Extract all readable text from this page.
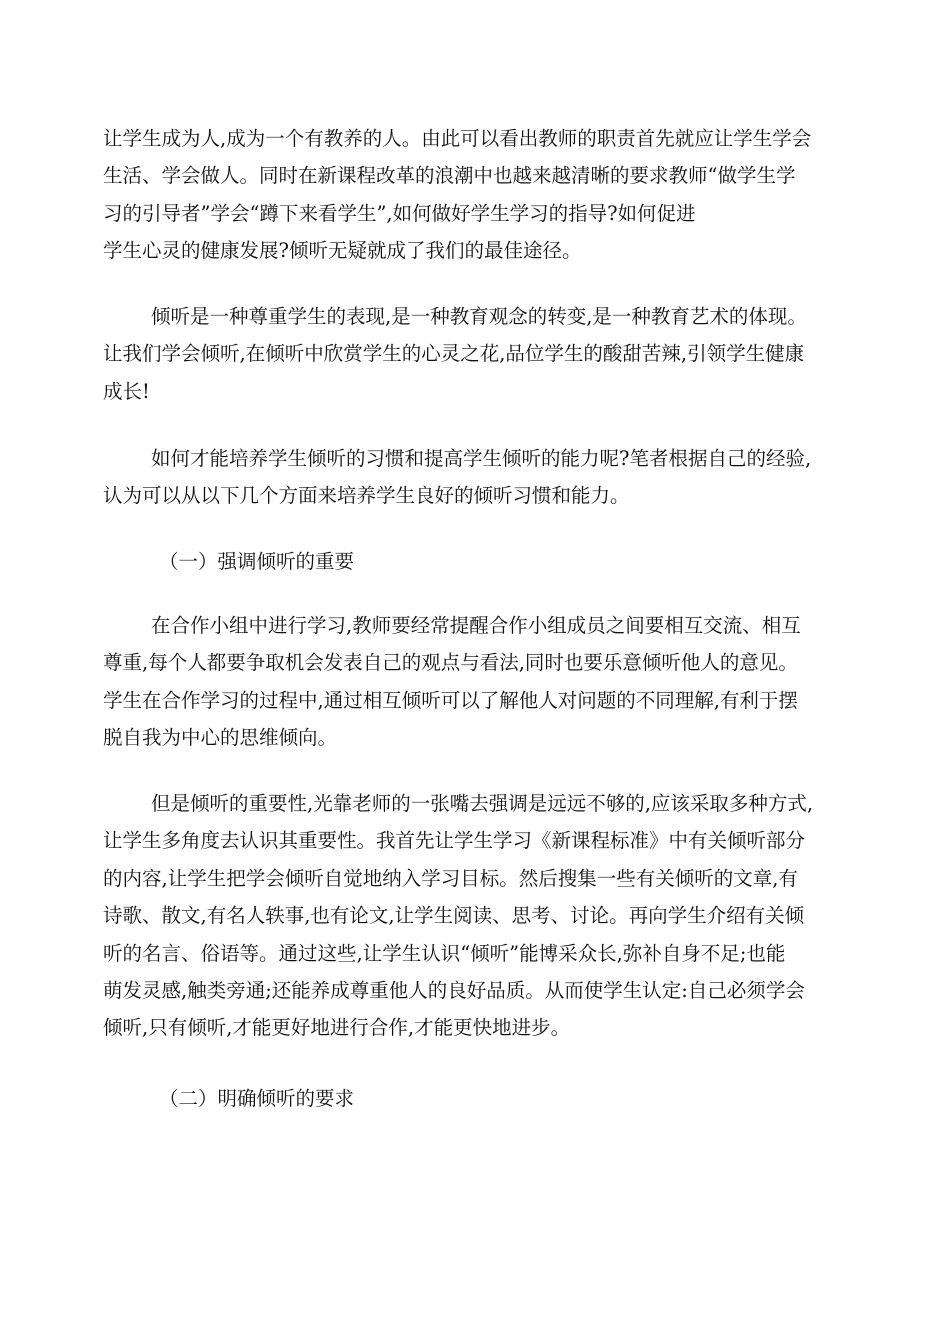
让学生成为人,成为一个有教养的人。由此可以看出教师的职责首先就应让学生学会
生活、学会做人。同时在新课程改革的浪潮中也越来越清晰的要求教师“做学生学
习的引导者”学会“蹲下来看学生”,如何做好学生学习的指导?如何促进
学生心灵的健康发展?倾听无疑就成了我们的最佳途径。
倾听是一种尊重学生的表现,是一种教育观念的转变,是一种教育艺术的体现。
让我们学会倾听,在倾听中欣赏学生的心灵之花,品位学生的酸甜苦辣,引领学生健康
成长!
如何才能培养学生倾听的习惯和提高学生倾听的能力呢?笔者根据自己的经验,
认为可以从以下几个方面来培养学生良好的倾听习惯和能力。
（一）强调倾听的重要
在合作小组中进行学习,教师要经常提醒合作小组成员之间要相互交流、相互
尊重,每个人都要争取机会发表自己的观点与看法,同时也要乐意倾听他人的意见。
学生在合作学习的过程中,通过相互倾听可以了解他人对问题的不同理解,有利于摆
脱自我为中心的思维倾向。
但是倾听的重要性,光靠老师的一张嘴去强调是远远不够的,应该采取多种方式,
让学生多角度去认识其重要性。我首先让学生学习《新课程标准》中有关倾听部分
的内容,让学生把学会倾听自觉地纳入学习目标。然后搜集一些有关倾听的文章,有
诗歌、散文,有名人轶事,也有论文,让学生阅读、思考、讨论。再向学生介绍有关倾
听的名言、俗语等。通过这些,让学生认识“倾听”能博采众长,弥补自身不足;也能
萌发灵感,触类旁通;还能养成尊重他人的良好品质。从而使学生认定:自己必须学会
倾听,只有倾听,才能更好地进行合作,才能更快地进步。
（二）明确倾听的要求
